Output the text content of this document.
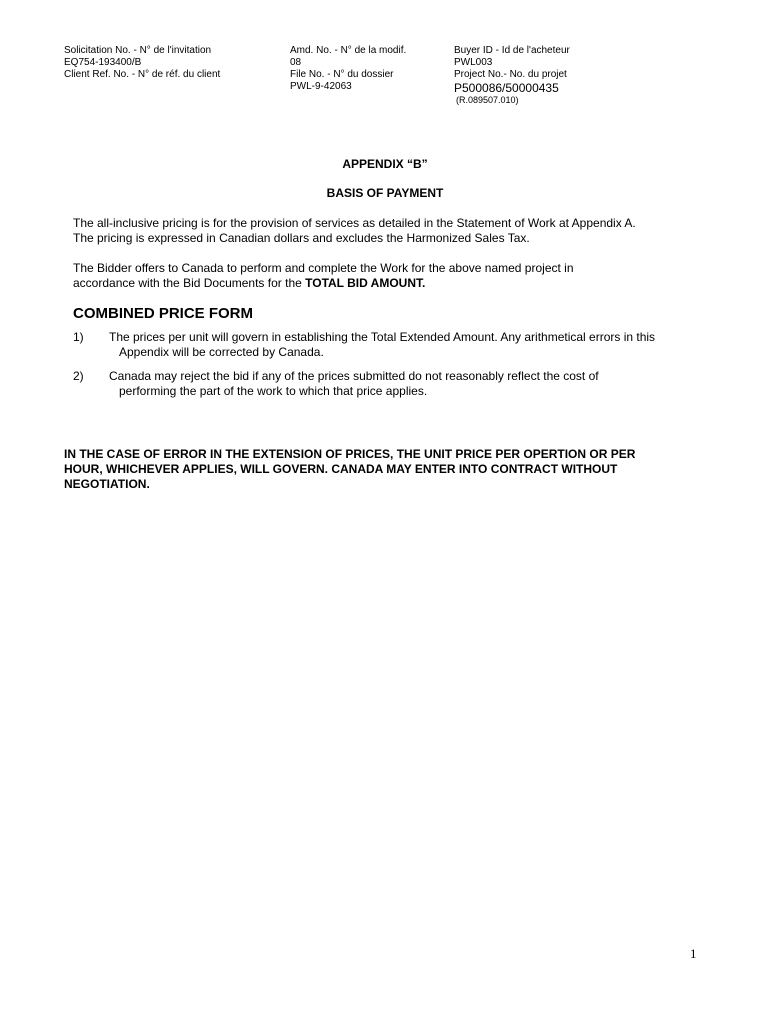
Solicitation No. - N° de l'invitation
EQ754-193400/B
Client Ref. No. - N° de réf. du client
Amd. No. - N° de la modif.
08
File No. - N° du dossier
PWL-9-42063
Buyer ID - Id de l'acheteur
PWL003
Project No.- No. du projet
P500086/50000435
(R.089507.010)
APPENDIX “B”
BASIS OF PAYMENT
The all-inclusive pricing is for the provision of services as detailed in the Statement of Work at Appendix A.
The pricing is expressed in Canadian dollars and excludes the Harmonized Sales Tax.
The Bidder offers to Canada to perform and complete the Work for the above named project in
accordance with the Bid Documents for the TOTAL BID AMOUNT.
COMBINED PRICE FORM
1) The prices per unit will govern in establishing the Total Extended Amount. Any arithmetical errors in this
Appendix will be corrected by Canada.
2) Canada may reject the bid if any of the prices submitted do not reasonably reflect the cost of
performing the part of the work to which that price applies.
IN THE CASE OF ERROR IN THE EXTENSION OF PRICES, THE UNIT PRICE PER OPERTION OR PER
HOUR, WHICHEVER APPLIES, WILL GOVERN. CANADA MAY ENTER INTO CONTRACT WITHOUT
NEGOTIATION.
1
